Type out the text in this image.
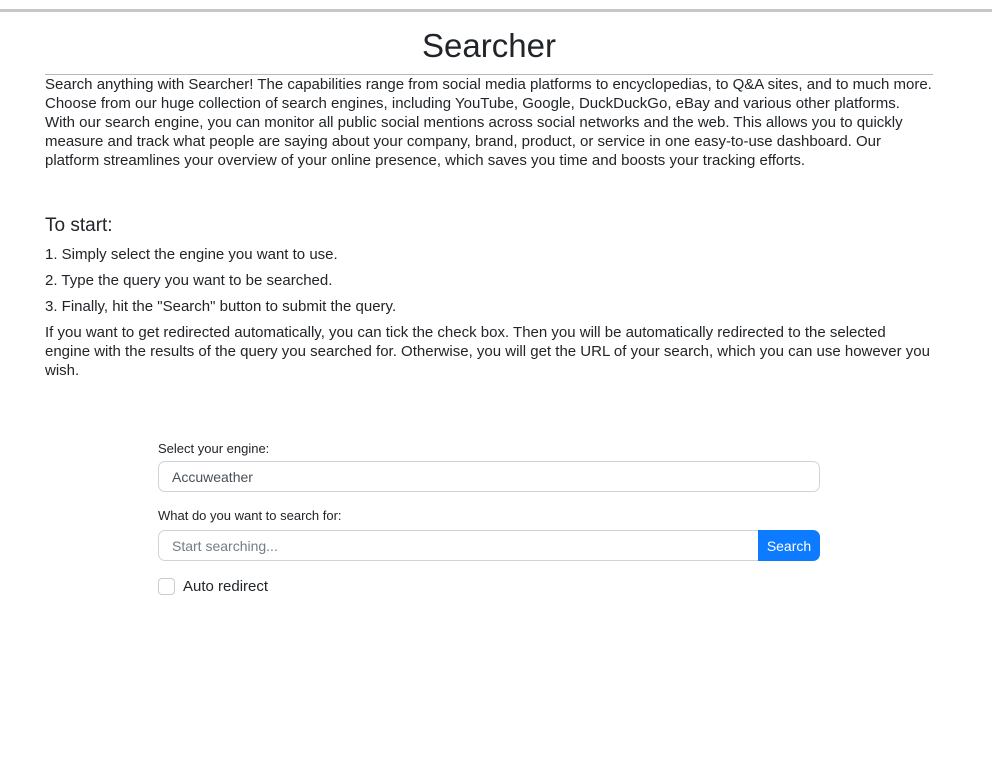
Searcher

Search anything with Searcher! The capabilities range from social media platforms to encyclopedias, to Q&A sites, and to much more. Choose from our huge collection of search engines, including YouTube, Google, DuckDuckGo, eBay and various other platforms.

With our search engine, you can monitor all public social mentions across social networks and the web. This allows you to quickly measure and track what people are saying about your company, brand, product, or service in one easy-to-use dashboard. Our platform streamlines your overview of your online presence, which saves you time and boosts your tracking efforts.

To start:
1. Simply select the engine you want to use.
2. Type the query you want to be searched.
3. Finally, hit the "Search" button to submit the query.

If you want to get redirected automatically, you can tick the check box. Then you will be automatically redirected to the selected engine with the results of the query you searched for. Otherwise, you will get the URL of your search, which you can use however you wish.

Select your engine:
Accuweather
What do you want to search for:
Start searching...
Search
Auto redirect
